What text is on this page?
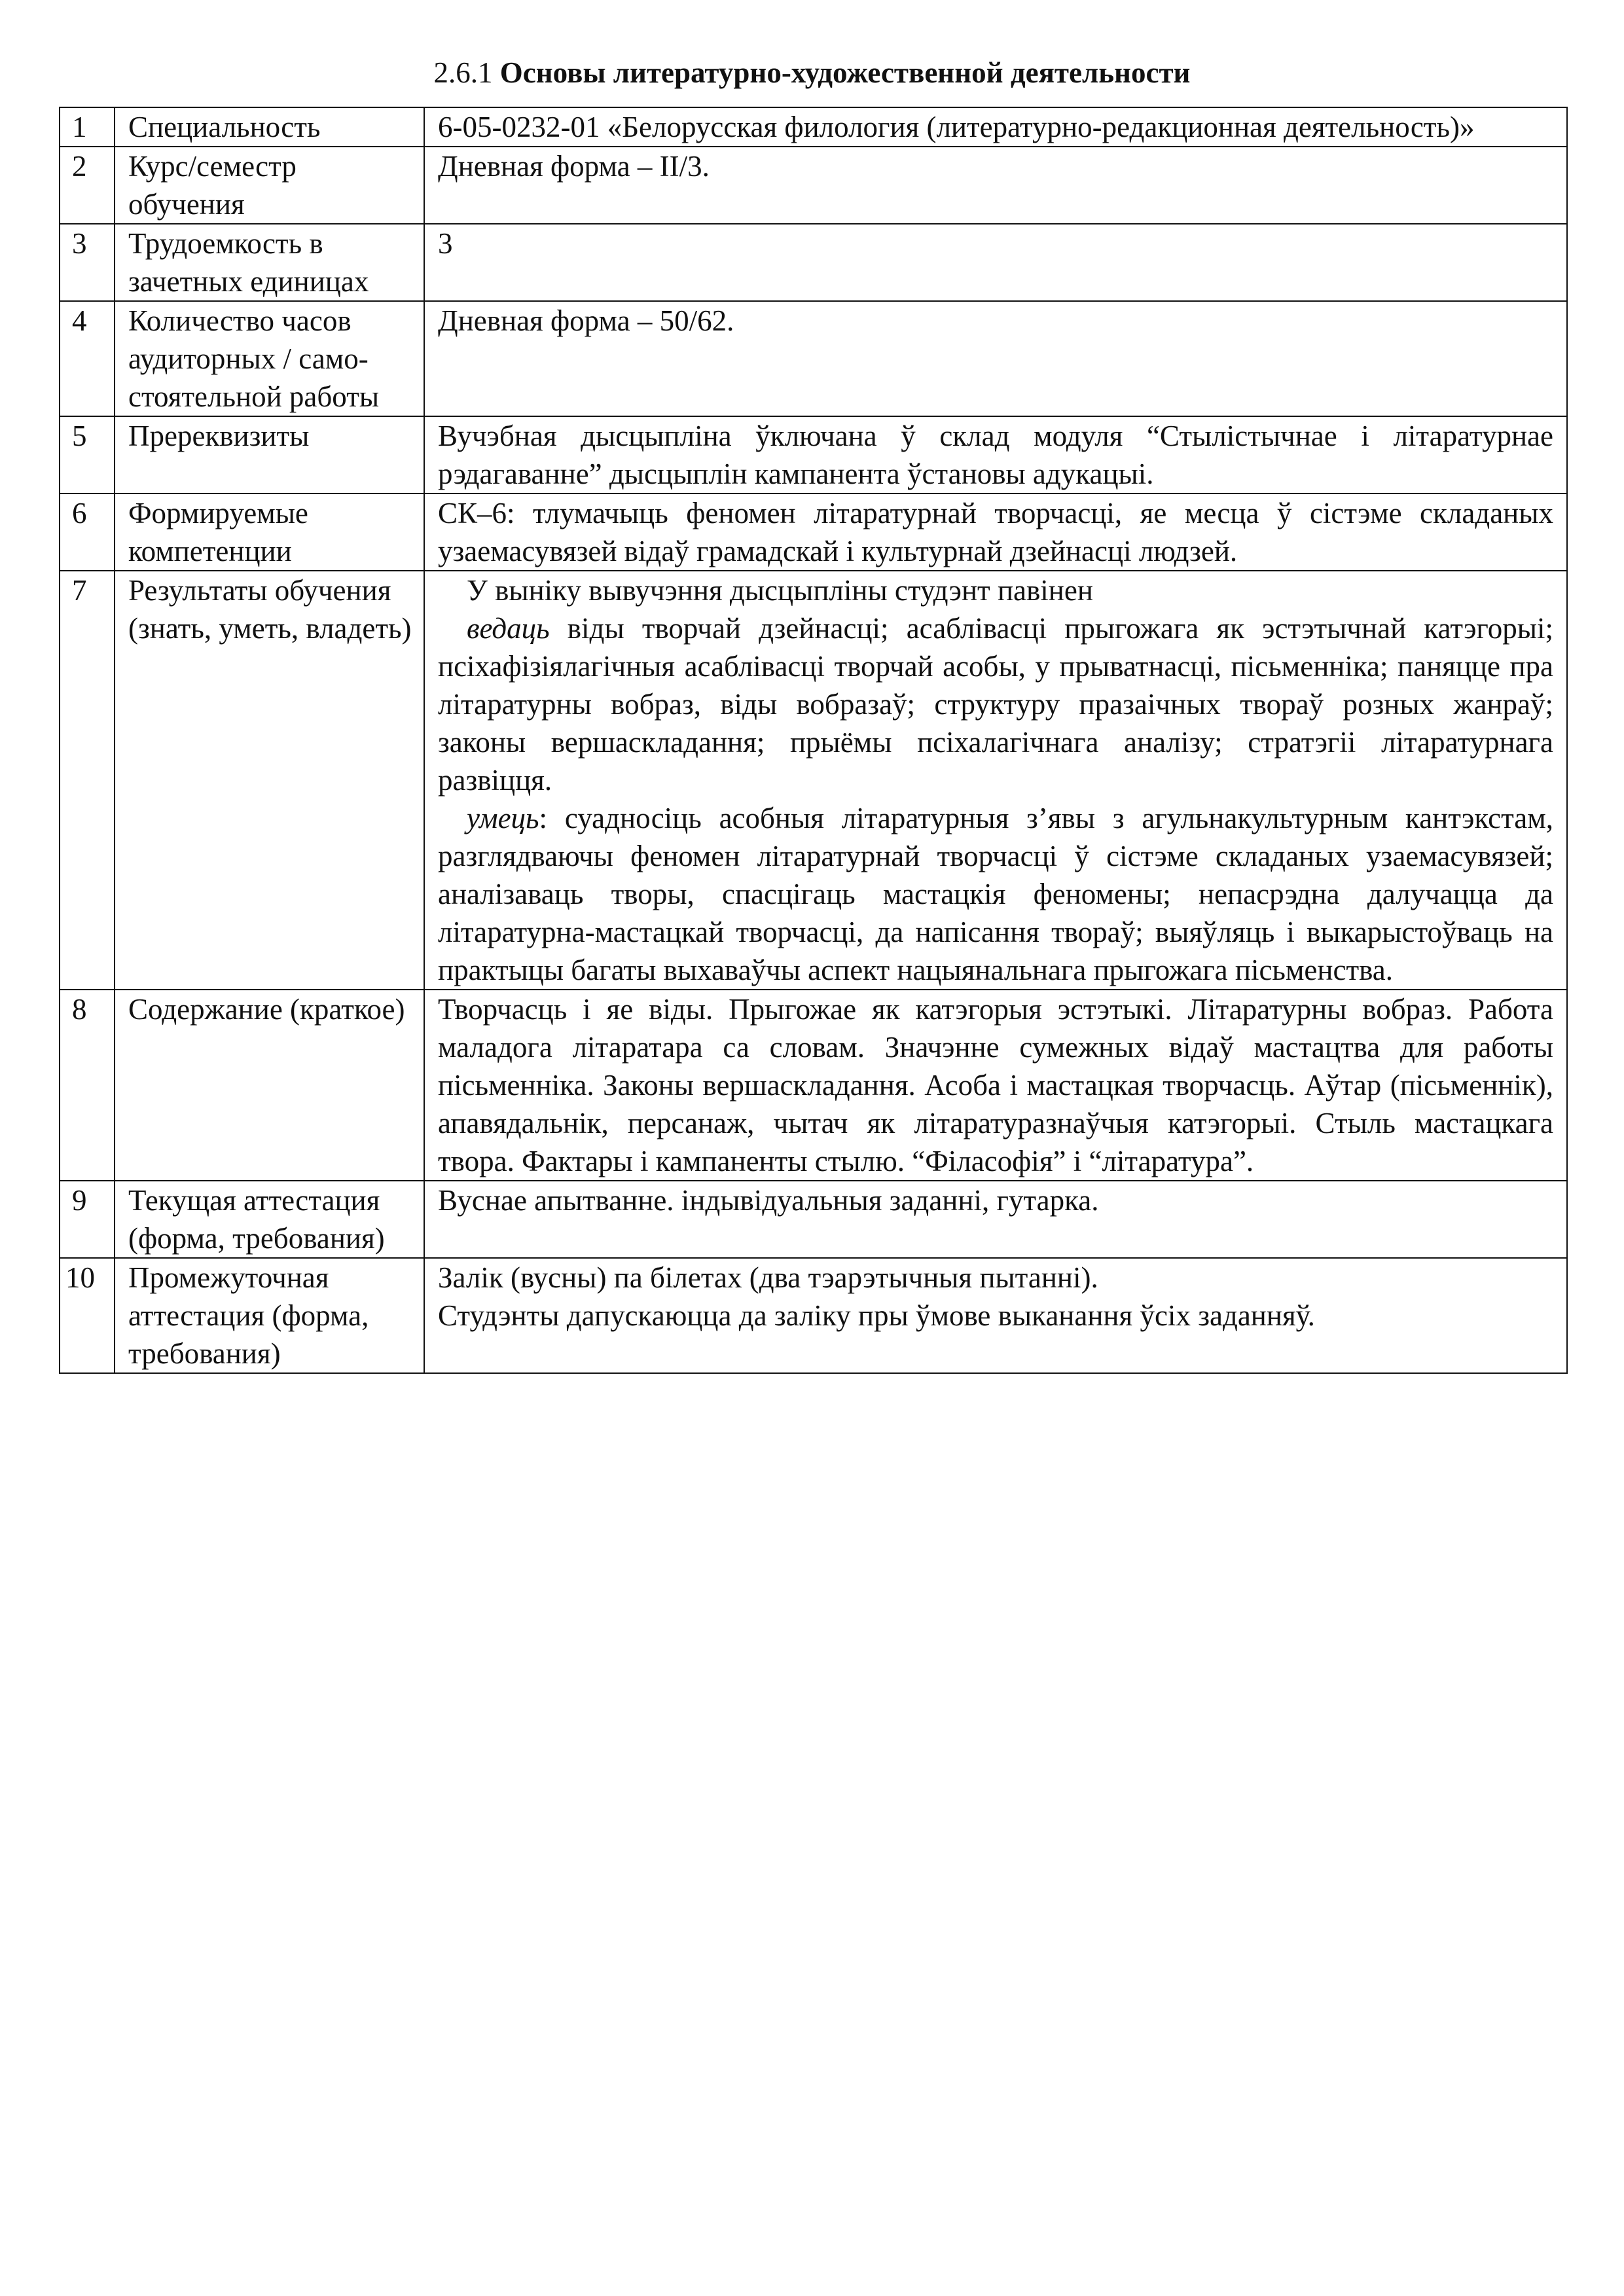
2.6.1 Основы литературно-художественной деятельности
1	Специальность	6-05-0232-01 «Белорусская филология (литературно-редакционная деятельность)»
2	Курс/семестр обучения	Дневная форма – II/3.
3	Трудоемкость в зачетных единицах	3
4	Количество часов аудиторных / само-стоятельной работы	Дневная форма – 50/62.
5	Пререквизиты	Вучэбная дысцыпліна ўключана ў склад модуля “Стылістычнае і літаратурнае рэдагаванне” дысцыплін кампанента ўстановы адукацыі.
6	Формируемые компетенции	СК–6: тлумачыць феномен літаратурнай творчасці, яе месца ў сістэме складаных узаемасувязей відаў грамадскай і культурнай дзейнасці людзей.
7	Результаты обучения (знать, уметь, владеть)	У выніку вывучэння дысцыпліны студэнт павінен

ведаць віды творчай дзейнасці; асаблівасці прыгожага як эстэтычнай катэгорыі; псіхафізіялагічныя асаблівасці творчай асобы, у прыватнасці, пісьменніка; паняцце пра літаратурны вобраз, віды вобразаў; структуру празаічных твораў розных жанраў; законы вершаскладання; прыёмы псіхалагічнага аналізу; стратэгіі літаратурнага развіцця.

умець: суадносіць асобныя літаратурныя з’явы з агульнакультурным кантэкстам, разглядваючы феномен літаратурнай творчасці ў сістэме складаных узаемасувязей; аналізаваць творы, спасцігаць мастацкія феномены; непасрэдна далучацца да літаратурна-мастацкай творчасці, да напісання твораў; выяўляць і выкарыстоўваць на практыцы багаты выхаваўчы аспект нацыянальнага прыгожага пісьменства.

8	Содержание (краткое)	Творчасць і яе віды. Прыгожае як катэгорыя эстэтыкі. Літаратурны вобраз. Работа маладога літаратара са словам. Значэнне сумежных відаў мастацтва для работы пісьменніка. Законы вершаскладання. Асоба і мастацкая творчасць. Аўтар (пісьменнік), апавядальнік, персанаж, чытач як літаратуразнаўчыя катэгорыі. Стыль мастацкага твора. Фактары і кампаненты стылю. “Філасофія” і “літаратура”.
9	Текущая аттестация (форма, требования)	Вуснае апытванне. індывідуальныя заданні, гутарка.
10	Промежуточная аттестация (форма, требования)	Залік (вусны) па білетах (два тэарэтычныя пытанні).
Студэнты дапускаюцца да заліку пры ўмове выканання ўсіх заданняў.
